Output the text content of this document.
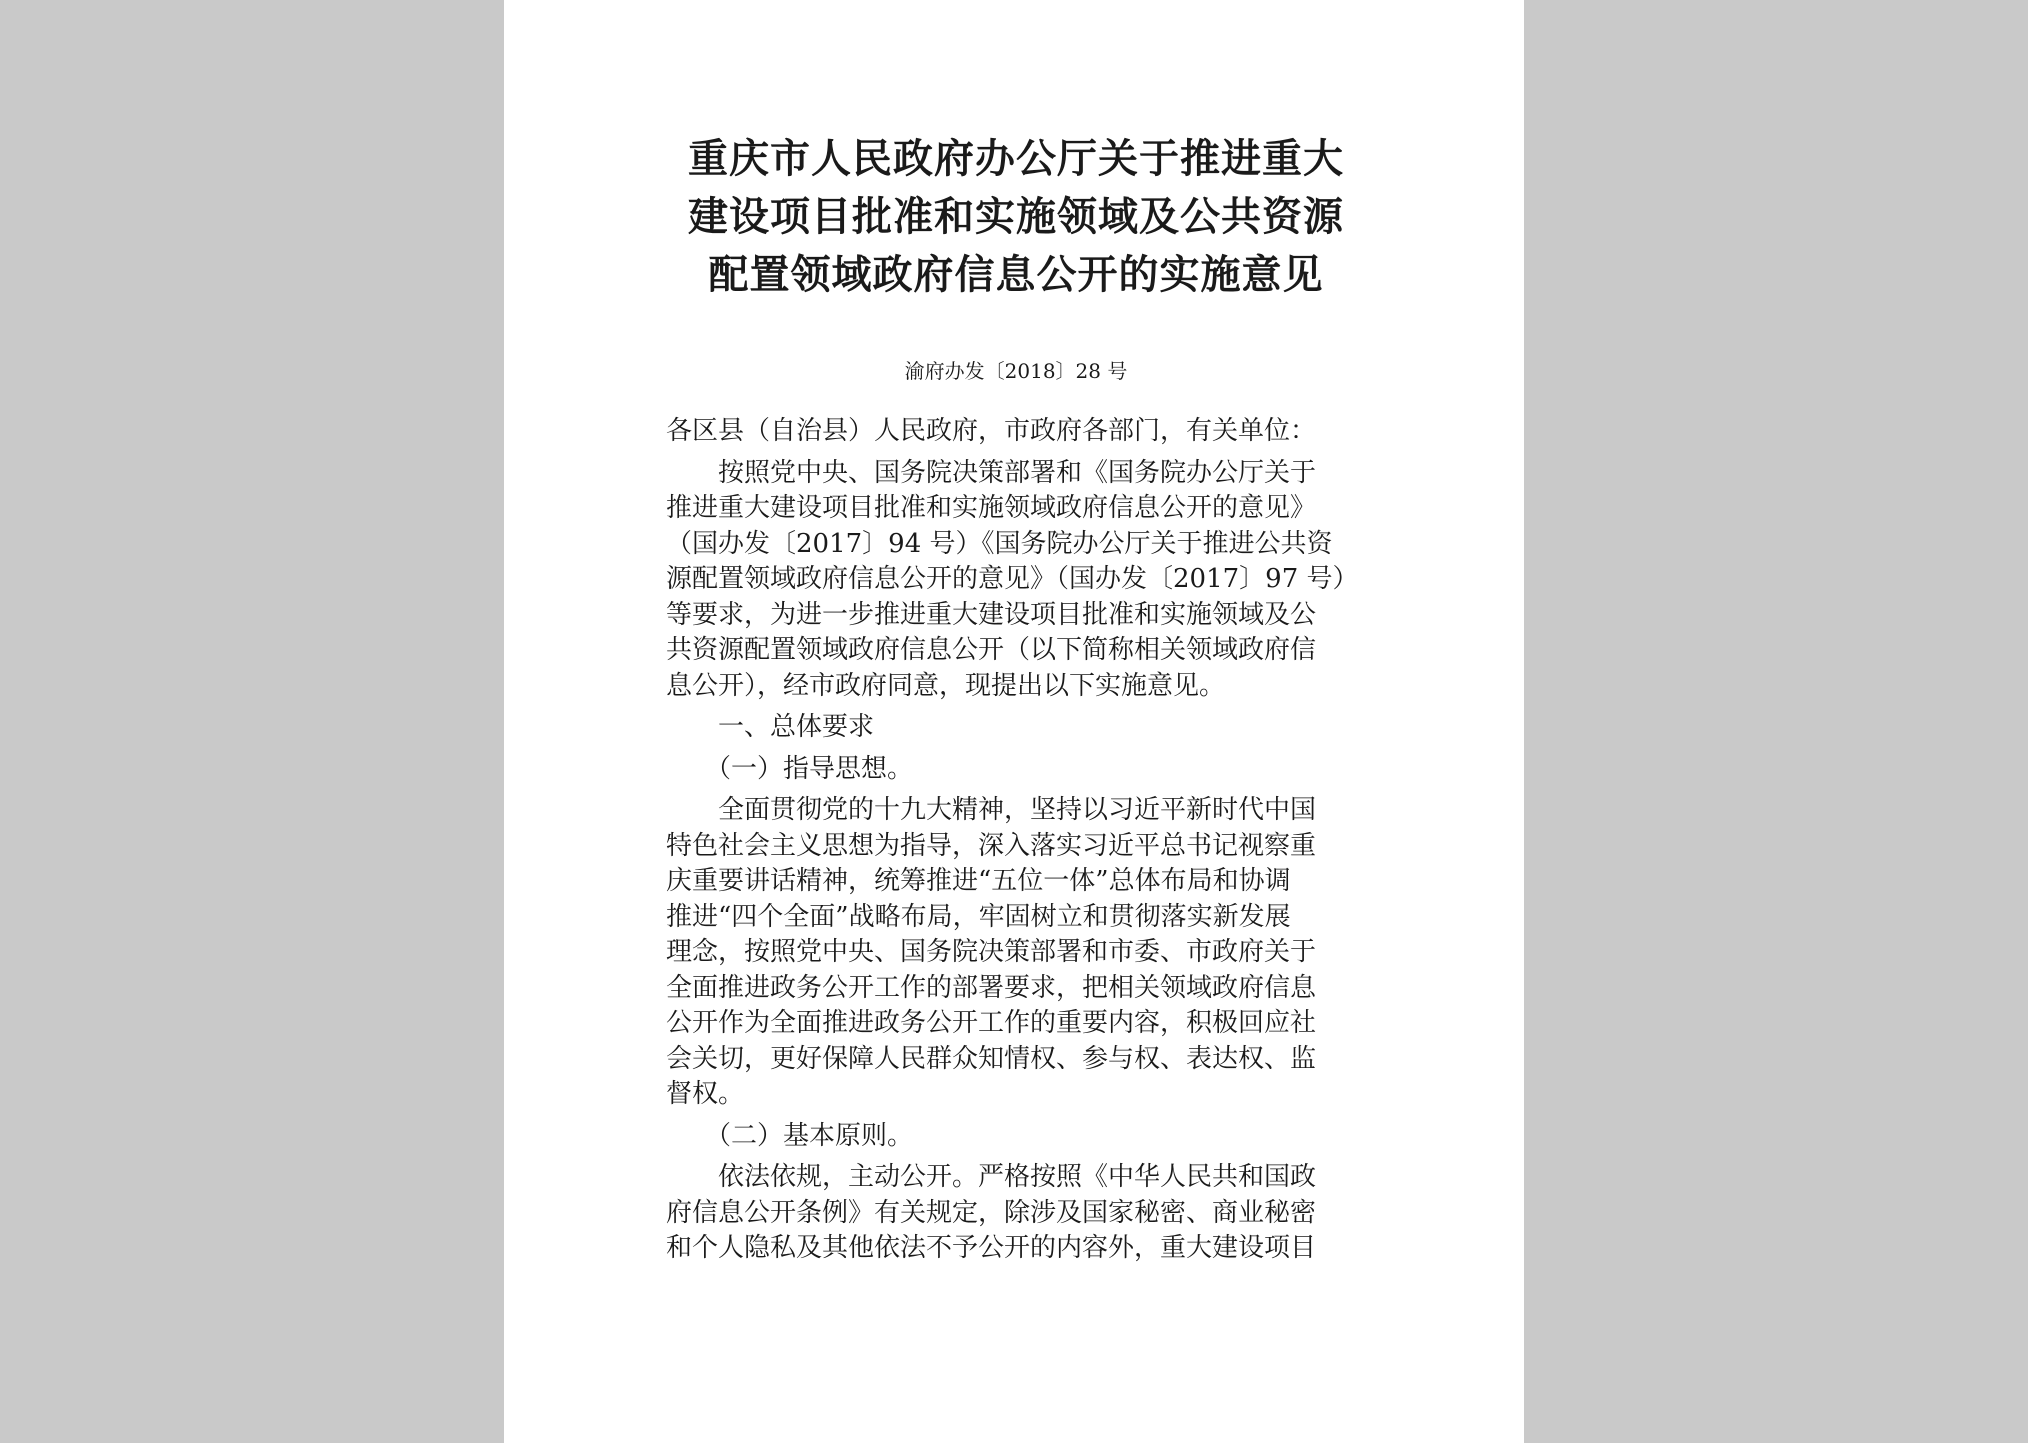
重庆市人民政府办公厅关于推进重大
建设项目批准和实施领域及公共资源
配置领域政府信息公开的实施意见
渝府办发〔2018〕28 号

各区县（自治县）人民政府，市政府各部门，有关单位：

　　按照党中央、国务院决策部署和《国务院办公厅关于

推进重大建设项目批准和实施领域政府信息公开的意见》

（国办发〔2017〕94 号）《国务院办公厅关于推进公共资

源配置领域政府信息公开的意见》（国办发〔2017〕97 号）

等要求，为进一步推进重大建设项目批准和实施领域及公

共资源配置领域政府信息公开（以下简称相关领域政府信

息公开），经市政府同意，现提出以下实施意见。

　　一、总体要求

　　（一）指导思想。

　　全面贯彻党的十九大精神，坚持以习近平新时代中国

特色社会主义思想为指导，深入落实习近平总书记视察重

庆重要讲话精神，统筹推进“五位一体”总体布局和协调

推进“四个全面”战略布局，牢固树立和贯彻落实新发展

理念，按照党中央、国务院决策部署和市委、市政府关于

全面推进政务公开工作的部署要求，把相关领域政府信息

公开作为全面推进政务公开工作的重要内容，积极回应社

会关切，更好保障人民群众知情权、参与权、表达权、监

督权。

　　（二）基本原则。

　　依法依规，主动公开。严格按照《中华人民共和国政

府信息公开条例》有关规定，除涉及国家秘密、商业秘密

和个人隐私及其他依法不予公开的内容外，重大建设项目
